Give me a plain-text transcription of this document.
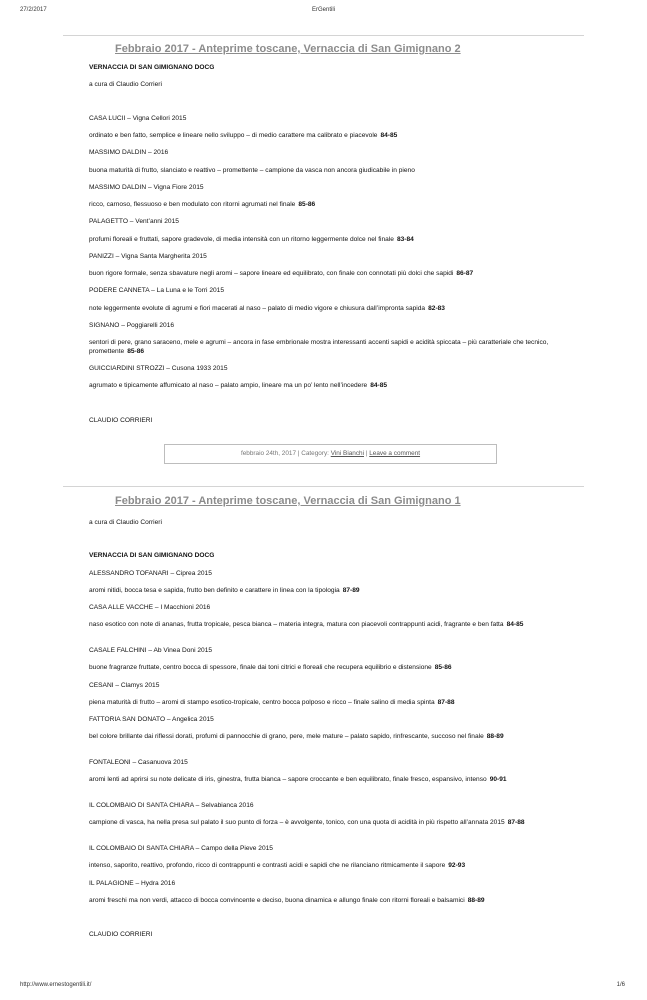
27/2/2017	ErGentili
Febbraio 2017 - Anteprime toscane, Vernaccia di San Gimignano 2
VERNACCIA DI SAN GIMIGNANO DOCG
a cura di Claudio Corrieri
CASA LUCII – Vigna Cellori 2015
ordinato e ben fatto, semplice e lineare nello sviluppo – di medio carattere ma calibrato e piacevole 84-85
MASSIMO DALDIN – 2016
buona maturità di frutto, slanciato e reattivo – promettente – campione da vasca non ancora giudicabile in pieno
MASSIMO DALDIN – Vigna Fiore 2015
ricco, carnoso, flessuoso e ben modulato con ritorni agrumati nel finale 85-86
PALAGETTO – Vent’anni 2015
profumi floreali e fruttati, sapore gradevole, di media intensità con un ritorno leggermente dolce nel finale 83-84
PANIZZI – Vigna Santa Margherita 2015
buon rigore formale, senza sbavature negli aromi – sapore lineare ed equilibrato, con finale con connotati più dolci che sapidi 86-87
PODERE CANNETA – La Luna e le Torri 2015
note leggermente evolute di agrumi e fiori macerati al naso – palato di medio vigore e chiusura dall’impronta sapida 82-83
SIGNANO – Poggiarelli 2016
sentori di pere, grano saraceno, mele e agrumi – ancora in fase embrionale mostra interessanti accenti sapidi e acidità spiccata – più caratteriale che tecnico, promettente 85-86
GUICCIARDINI STROZZI – Cusona 1933 2015
agrumato e tipicamente affumicato al naso – palato ampio, lineare ma un po’ lento nell’incedere 84-85
CLAUDIO CORRIERI
febbraio 24th, 2017 | Category: Vini Bianchi | Leave a comment
Febbraio 2017 - Anteprime toscane, Vernaccia di San Gimignano 1
a cura di Claudio Corrieri
VERNACCIA DI SAN GIMIGNANO DOCG
ALESSANDRO TOFANARI – Ciprea 2015
aromi nitidi, bocca tesa e sapida, frutto ben definito e carattere in linea con la tipologia 87-89
CASA ALLE VACCHE – I Macchioni 2016
naso esotico con note di ananas, frutta tropicale, pesca bianca – materia integra, matura con piacevoli contrappunti acidi, fragrante e ben fatta 84-85
CASALE FALCHINI – Ab Vinea Doni 2015
buone fragranze fruttate, centro bocca di spessore, finale dai toni citrici e floreali che recupera equilibrio e distensione 85-86
CESANI – Clamys 2015
piena maturità di frutto – aromi di stampo esotico-tropicale, centro bocca polposo e ricco – finale salino di media spinta 87-88
FATTORIA SAN DONATO – Angelica 2015
bel colore brillante dai riflessi dorati, profumi di pannocchie di grano, pere, mele mature – palato sapido, rinfrescante, succoso nel finale 88-89
FONTALEONI – Casanuova 2015
aromi lenti ad aprirsi su note delicate di iris, ginestra, frutta bianca – sapore croccante e ben equilibrato, finale fresco, espansivo, intenso 90-91
IL COLOMBAIO DI SANTA CHIARA – Selvabianca 2016
campione di vasca, ha nella presa sul palato il suo punto di forza – è avvolgente, tonico, con una quota di acidità in più rispetto all’annata 2015 87-88
IL COLOMBAIO DI SANTA CHIARA – Campo della Pieve 2015
intenso, saporito, reattivo, profondo, ricco di contrappunti e contrasti acidi e sapidi che ne rilanciano ritmicamente il sapore 92-93
IL PALAGIONE – Hydra 2016
aromi freschi ma non verdi, attacco di bocca convincente e deciso, buona dinamica e allungo finale con ritorni floreali e balsamici 88-89
CLAUDIO CORRIERI
http://www.ernestogentili.it/	1/6
